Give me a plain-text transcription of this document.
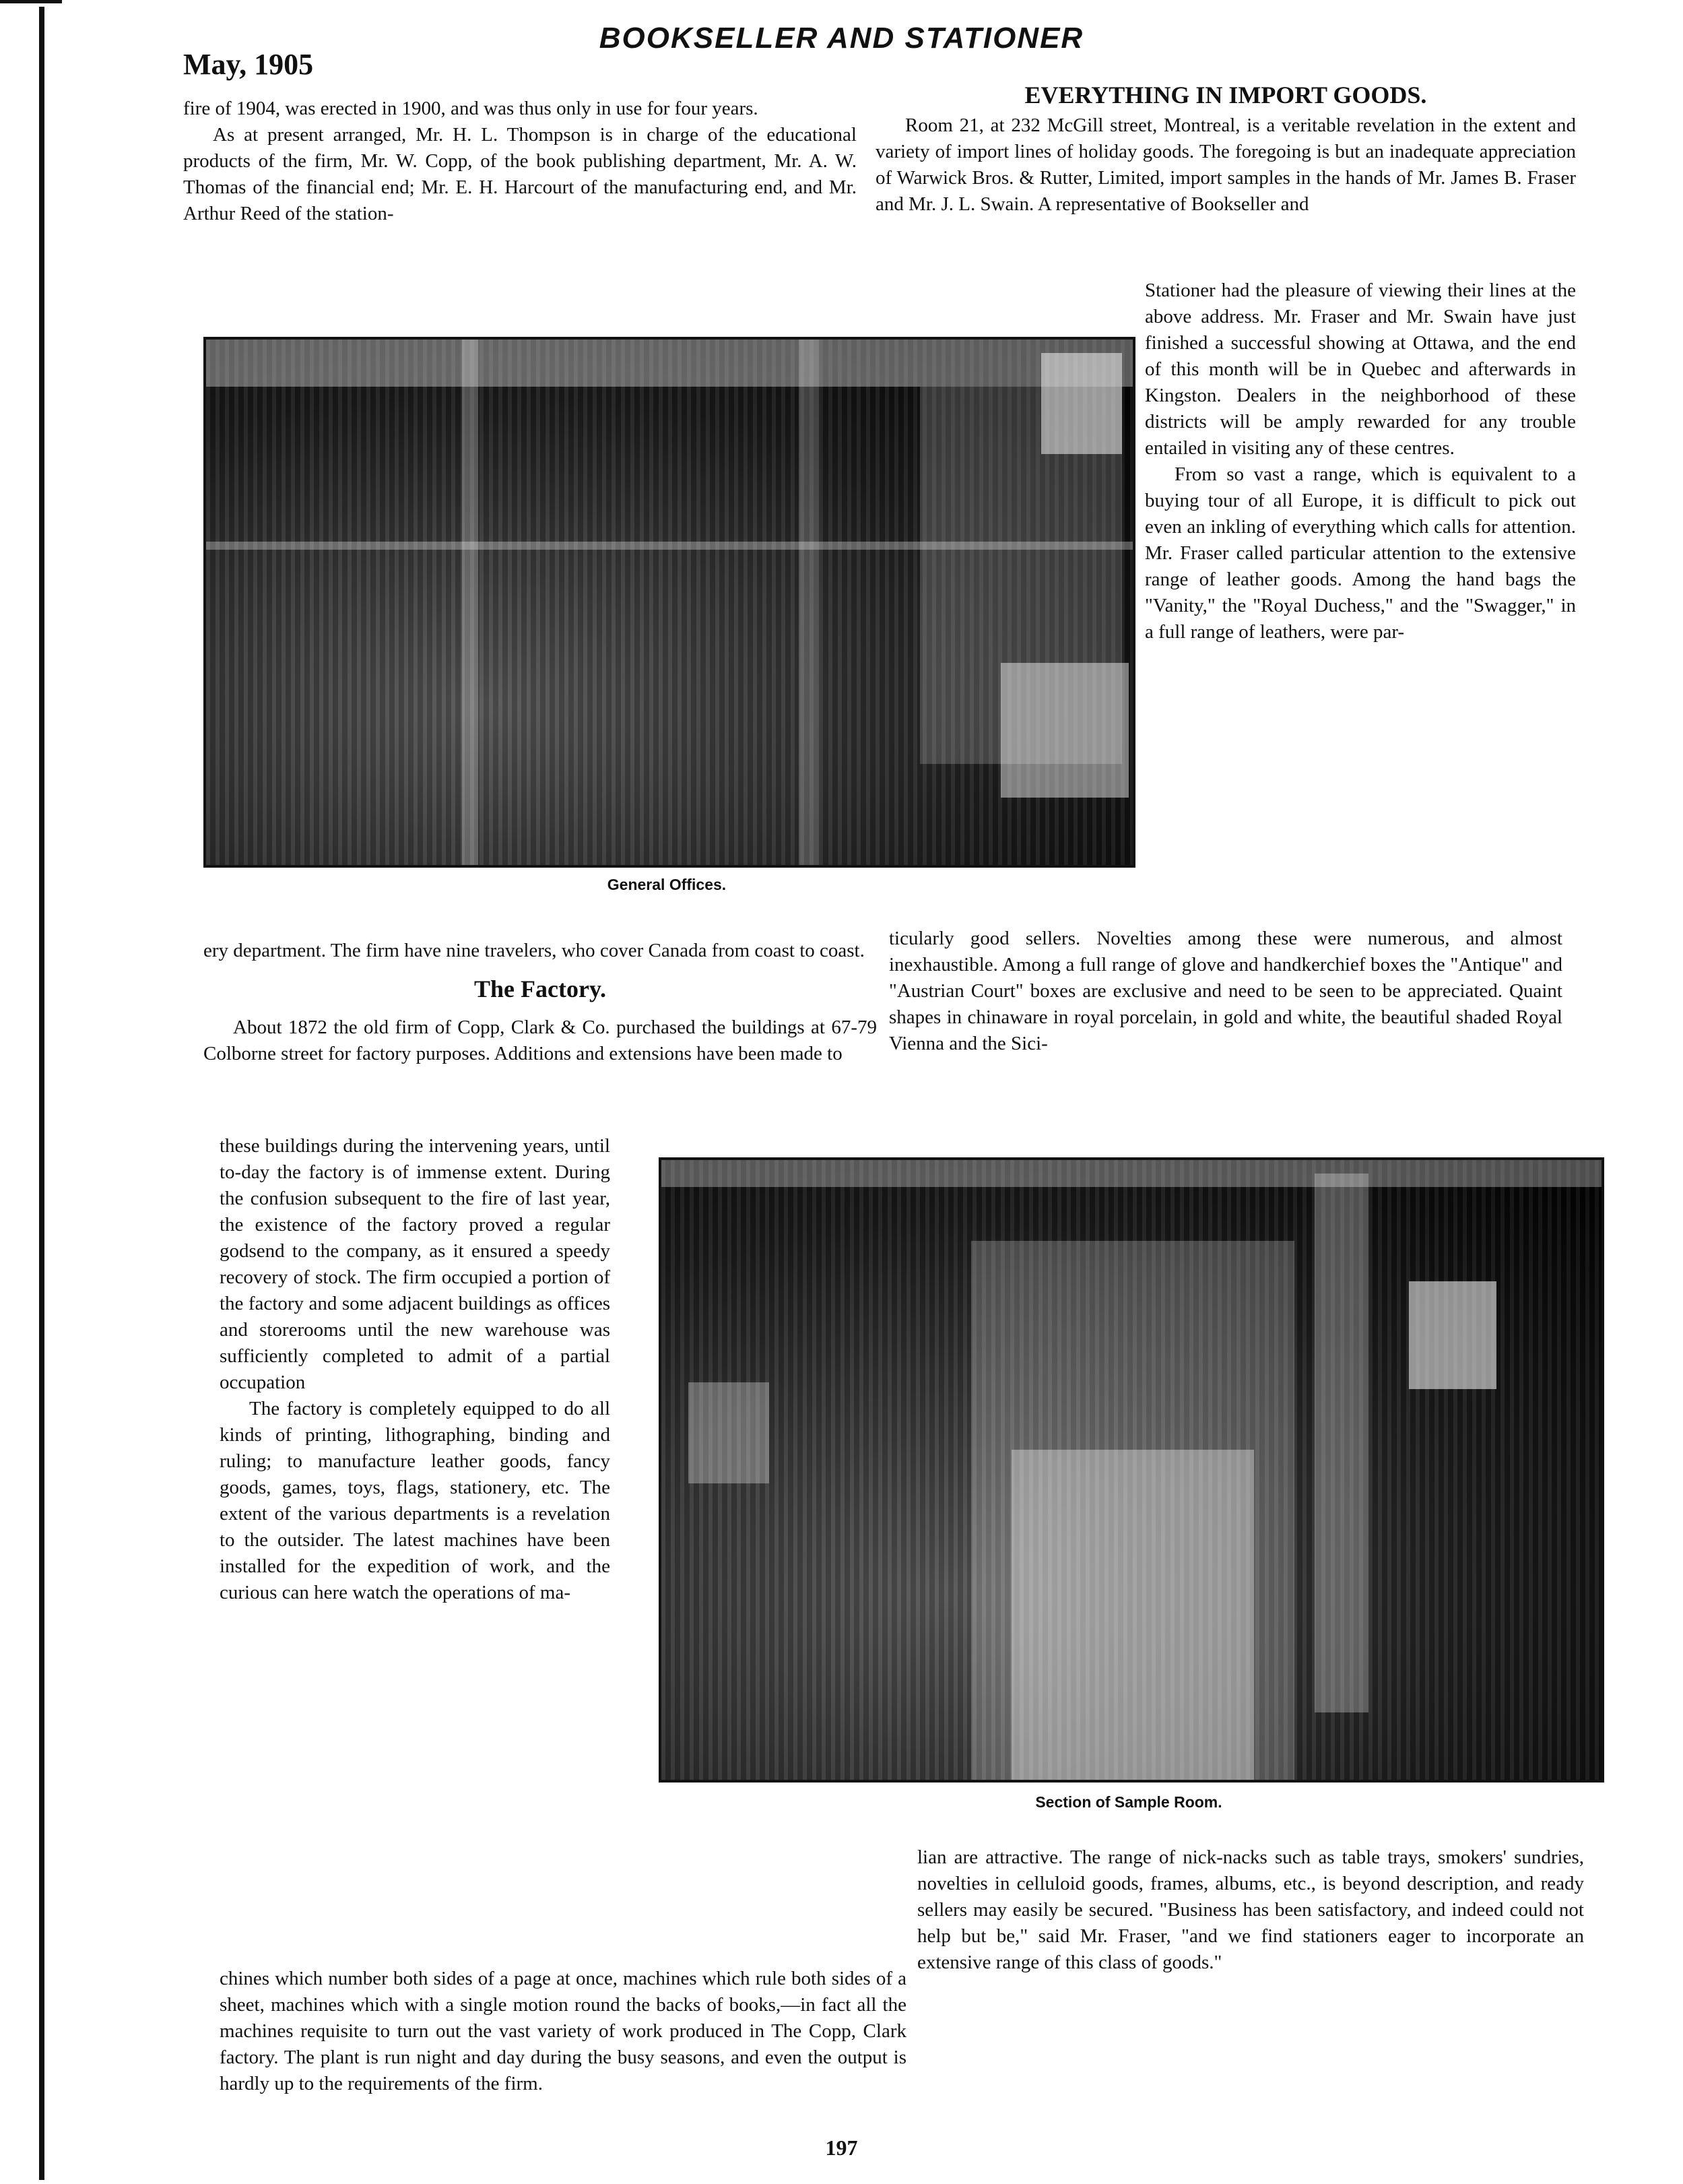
May, 1905
BOOKSELLER AND STATIONER

fire of 1904, was erected in 1900, and was thus only in use for four years.

As at present arranged, Mr. H. L. Thompson is in charge of the educational products of the firm, Mr. W. Copp, of the book publishing department, Mr. A. W. Thomas of the financial end; Mr. E. H. Harcourt of the manufacturing end, and Mr. Arthur Reed of the station-

General Offices.

ery department. The firm have nine travelers, who cover Canada from coast to coast.

The Factory.

About 1872 the old firm of Copp, Clark & Co. purchased the buildings at 67-79 Colborne street for factory purposes. Additions and extensions have been made to

these buildings during the intervening years, until to-day the factory is of immense extent. During the confusion subsequent to the fire of last year, the existence of the factory proved a regular godsend to the company, as it ensured a speedy recovery of stock. The firm occupied a portion of the factory and some adjacent buildings as offices and storerooms until the new warehouse was sufficiently completed to admit of a partial occupation

The factory is completely equipped to do all kinds of printing, lithographing, binding and ruling; to manufacture leather goods, fancy goods, games, toys, flags, stationery, etc. The extent of the various departments is a revelation to the outsider. The latest machines have been installed for the expedition of work, and the curious can here watch the operations of ma-

chines which number both sides of a page at once, machines which rule both sides of a sheet, machines which with a single motion round the backs of books,—in fact all the machines requisite to turn out the vast variety of work produced in The Copp, Clark factory. The plant is run night and day during the busy seasons, and even the output is hardly up to the requirements of the firm.

EVERYTHING IN IMPORT GOODS.

Room 21, at 232 McGill street, Montreal, is a veritable revelation in the extent and variety of import lines of holiday goods. The foregoing is but an inadequate appreciation of Warwick Bros. & Rutter, Limited, import samples in the hands of Mr. James B. Fraser and Mr. J. L. Swain. A representative of Bookseller and

Stationer had the pleasure of viewing their lines at the above address. Mr. Fraser and Mr. Swain have just finished a successful showing at Ottawa, and the end of this month will be in Quebec and afterwards in Kingston. Dealers in the neighborhood of these districts will be amply rewarded for any trouble entailed in visiting any of these centres.

From so vast a range, which is equivalent to a buying tour of all Europe, it is difficult to pick out even an inkling of everything which calls for attention. Mr. Fraser called particular attention to the extensive range of leather goods. Among the hand bags the "Vanity," the "Royal Duchess," and the "Swagger," in a full range of leathers, were par-

ticularly good sellers. Novelties among these were numerous, and almost inexhaustible. Among a full range of glove and handkerchief boxes the "Antique" and "Austrian Court" boxes are exclusive and need to be seen to be appreciated. Quaint shapes in chinaware in royal porcelain, in gold and white, the beautiful shaded Royal Vienna and the Sici-

Section of Sample Room.

lian are attractive. The range of nick-nacks such as table trays, smokers' sundries, novelties in celluloid goods, frames, albums, etc., is beyond description, and ready sellers may easily be secured. "Business has been satisfactory, and indeed could not help but be," said Mr. Fraser, "and we find stationers eager to incorporate an extensive range of this class of goods."

197
